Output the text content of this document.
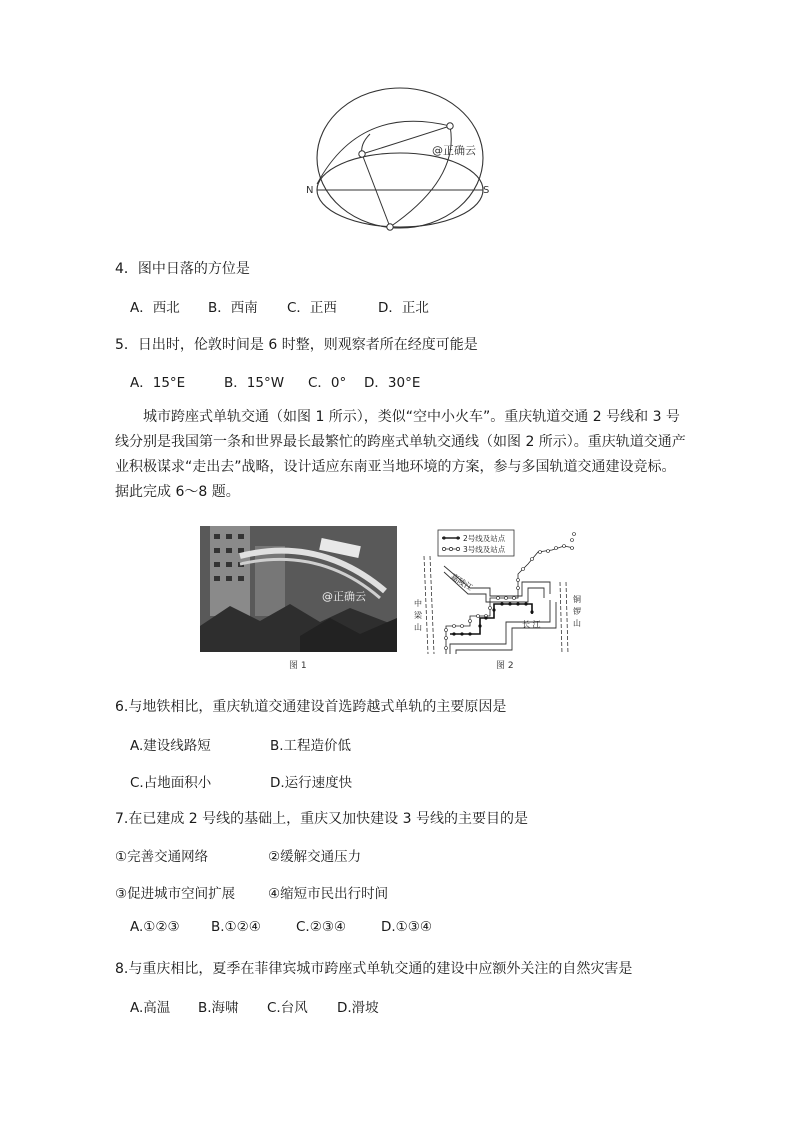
N	S
@正确云
4．图中日落的方位是
A．西北 B．西南 C．正西	D．正北
5．日出时，伦敦时间是 6 时整，则观察者所在经度可能是
A．15°E	B．15°W C．0° D．30°E
城市跨座式单轨交通（如图 1 所示），类似“空中小火车”。重庆轨道交通 2 号线和 3 号
线分别是我国第一条和世界最长最繁忙的跨座式单轨交通线（如图 2 所示）。重庆轨道交通产
业积极谋求“走出去”战略，设计适应东南亚当地环境的方案，参与多国轨道交通建设竞标。
据此完成 6～8 题。
@正确云
图 1
2号线及站点
3号线及站点
嘉陵江
长 江
中
梁
山
铜
锣
山
图 2
6.与地铁相比，重庆轨道交通建设首选跨越式单轨的主要原因是
A.建设线路短	B.工程造价低
C.占地面积小	D.运行速度快
7.在已建成 2 号线的基础上，重庆又加快建设 3 号线的主要目的是
①完善交通网络	②缓解交通压力
③促进城市空间扩展 ④缩短市民出行时间
A.①②③ B.①②④	C.②③④	D.①③④
8.与重庆相比，夏季在菲律宾城市跨座式单轨交通的建设中应额外关注的自然灾害是
A.高温 B.海啸 C.台风 D.滑坡
